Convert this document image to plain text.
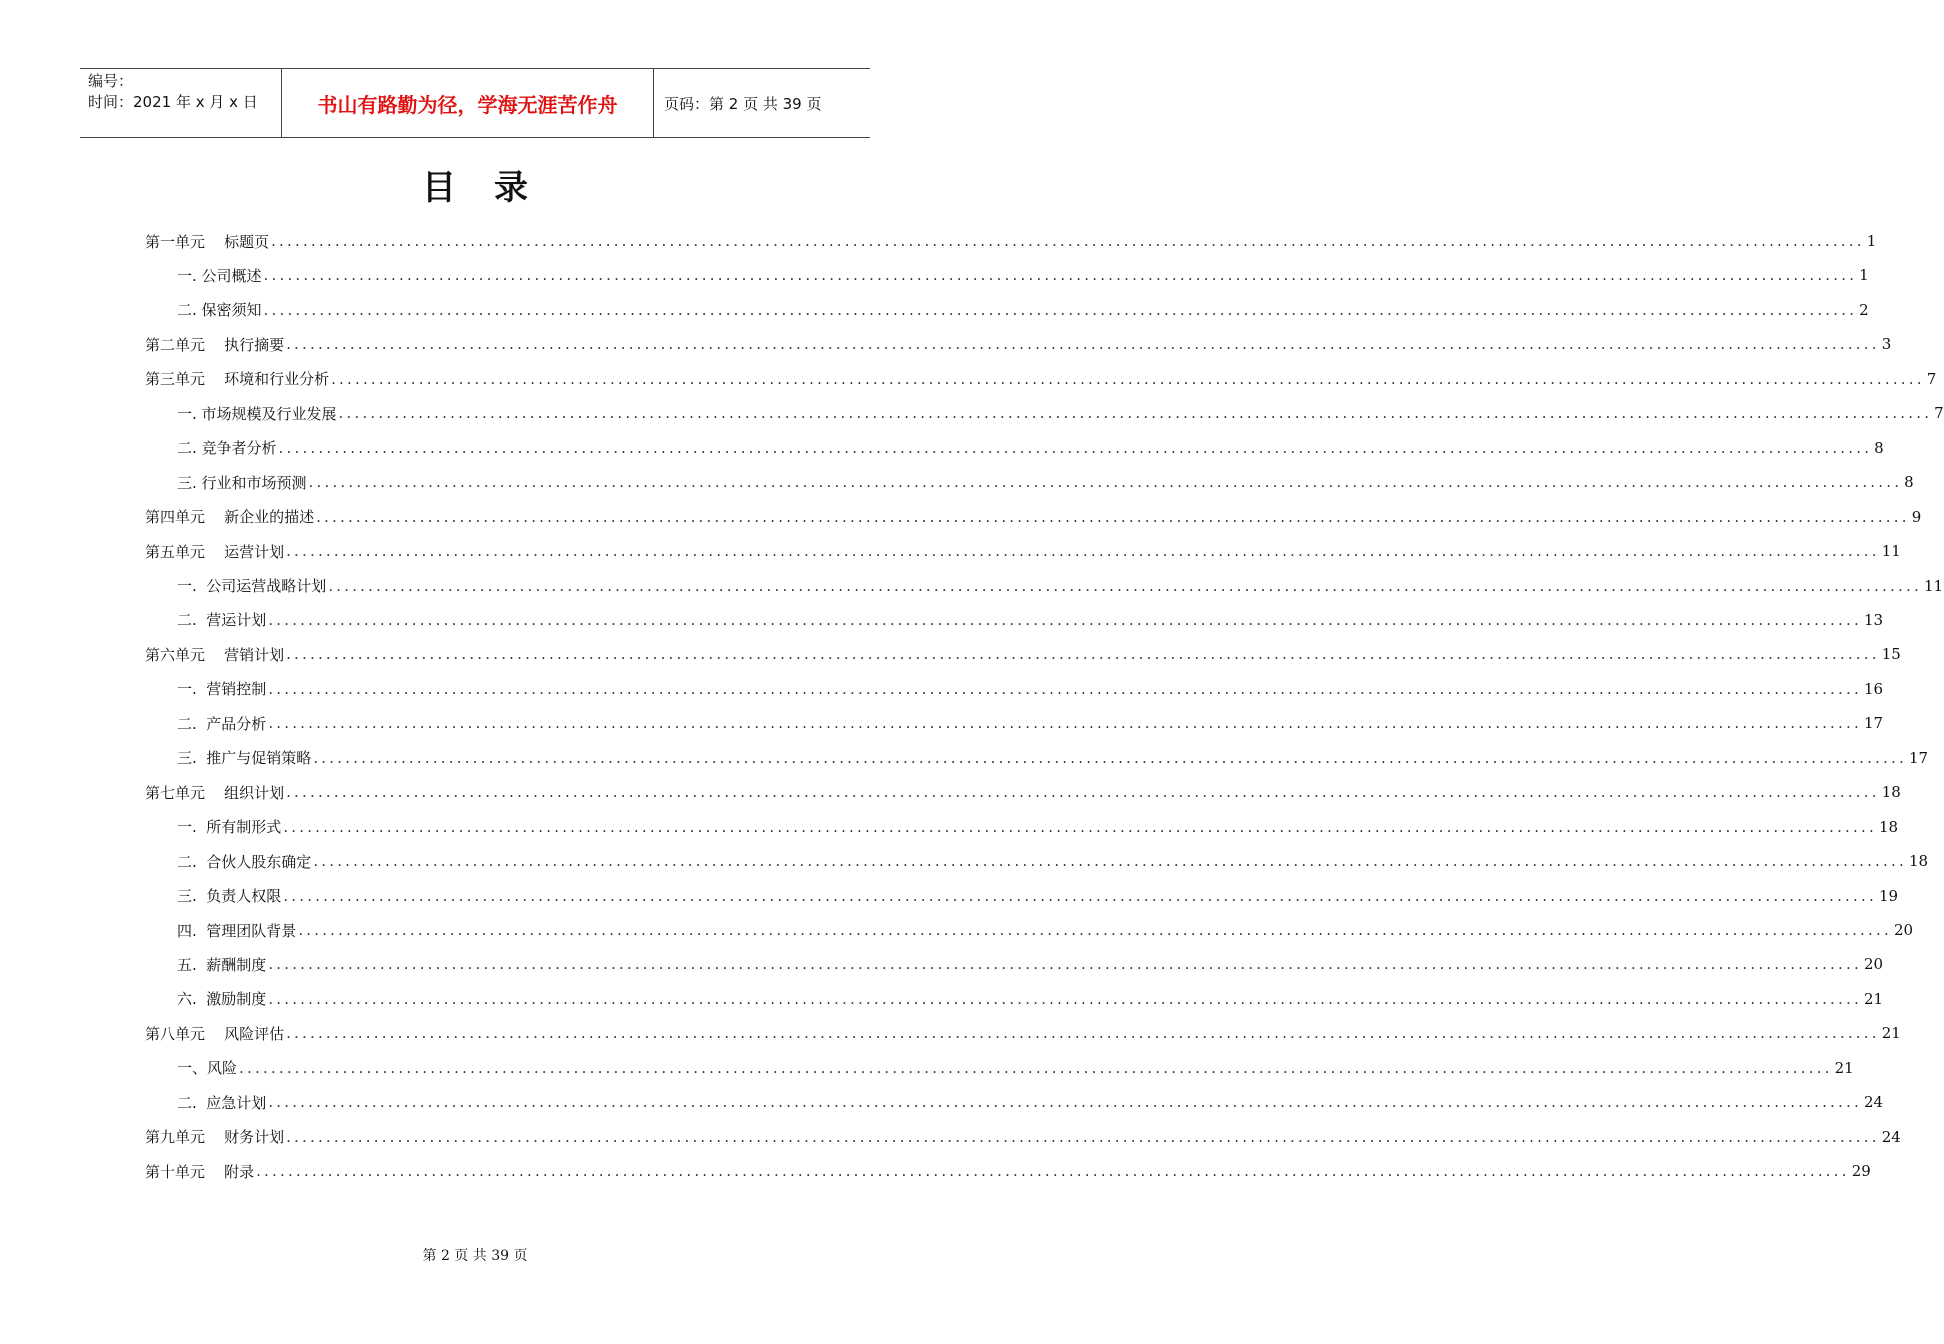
编号：
时间：2021 年 x 月 x 日	书山有路勤为径，学海无涯苦作舟	页码：第 2 页 共 39 页
目录
第一单元    标题页 ........................................................................................................................................................................................................ 1
一. 公司概述 ........................................................................................................................................................................................................ 1
二. 保密须知 ........................................................................................................................................................................................................ 2
第二单元    执行摘要 ........................................................................................................................................................................................................ 3
第三单元    环境和行业分析 ........................................................................................................................................................................................................ 7
一. 市场规模及行业发展 ........................................................................................................................................................................................................ 7
二. 竞争者分析 ........................................................................................................................................................................................................ 8
三. 行业和市场预测 ........................................................................................................................................................................................................ 8
第四单元    新企业的描述 ........................................................................................................................................................................................................ 9
第五单元    运营计划 ........................................................................................................................................................................................................ 11
一.  公司运营战略计划 ........................................................................................................................................................................................................ 11
二.  营运计划 ........................................................................................................................................................................................................ 13
第六单元    营销计划 ........................................................................................................................................................................................................ 15
一.  营销控制 ........................................................................................................................................................................................................ 16
二.  产品分析 ........................................................................................................................................................................................................ 17
三.  推广与促销策略 ........................................................................................................................................................................................................ 17
第七单元    组织计划 ........................................................................................................................................................................................................ 18
一.  所有制形式 ........................................................................................................................................................................................................ 18
二.  合伙人股东确定 ........................................................................................................................................................................................................ 18
三.  负责人权限 ........................................................................................................................................................................................................ 19
四.  管理团队背景 ........................................................................................................................................................................................................ 20
五.  薪酬制度 ........................................................................................................................................................................................................ 20
六.  激励制度 ........................................................................................................................................................................................................ 21
第八单元    风险评估 ........................................................................................................................................................................................................ 21
一、风险 ........................................................................................................................................................................................................ 21
二.  应急计划 ........................................................................................................................................................................................................ 24
第九单元    财务计划 ........................................................................................................................................................................................................ 24
第十单元    附录 ........................................................................................................................................................................................................ 29
第 2 页 共 39 页
